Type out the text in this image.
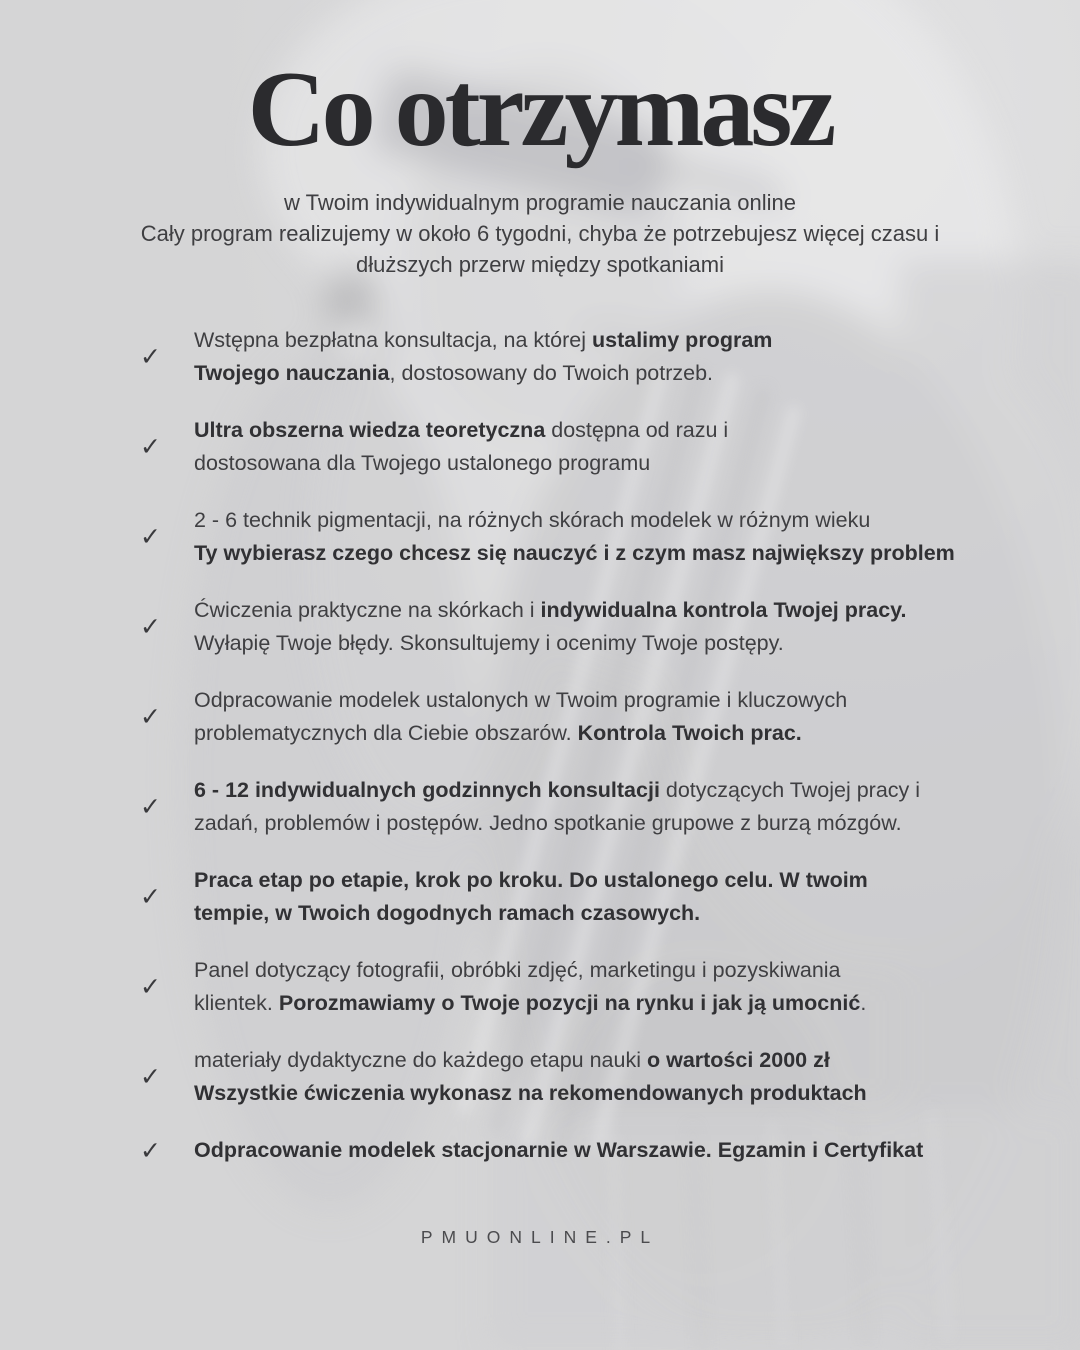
Co otrzymasz
w Twoim indywidualnym programie nauczania online
Cały program realizujemy w około 6 tygodni, chyba że potrzebujesz więcej czasu i
dłuższych przerw między spotkaniami
✓
Wstępna bezpłatna konsultacja, na której ustalimy program
Twojego nauczania, dostosowany do Twoich potrzeb.
✓
Ultra obszerna wiedza teoretyczna dostępna od razu i
dostosowana dla Twojego ustalonego programu
✓
2 - 6 technik pigmentacji, na różnych skórach modelek w różnym wieku
Ty wybierasz czego chcesz się nauczyć i z czym masz największy problem
✓
Ćwiczenia praktyczne na skórkach i indywidualna kontrola Twojej pracy.
Wyłapię Twoje błędy. Skonsultujemy i ocenimy Twoje postępy.
✓
Odpracowanie modelek ustalonych w Twoim programie i kluczowych
problematycznych dla Ciebie obszarów. Kontrola Twoich prac.
✓
6 - 12 indywidualnych godzinnych konsultacji dotyczących Twojej pracy i
zadań, problemów i postępów. Jedno spotkanie grupowe z burzą mózgów.
✓
Praca etap po etapie, krok po kroku. Do ustalonego celu. W twoim
tempie, w Twoich dogodnych ramach czasowych.
✓
Panel dotyczący fotografii, obróbki zdjęć, marketingu i pozyskiwania
klientek. Porozmawiamy o Twoje pozycji na rynku i jak ją umocnić.
✓
materiały dydaktyczne do każdego etapu nauki o wartości 2000 zł
Wszystkie ćwiczenia wykonasz na rekomendowanych produktach
✓	Odpracowanie modelek stacjonarnie w Warszawie. Egzamin i Certyfikat
PMUONLINE.PL
